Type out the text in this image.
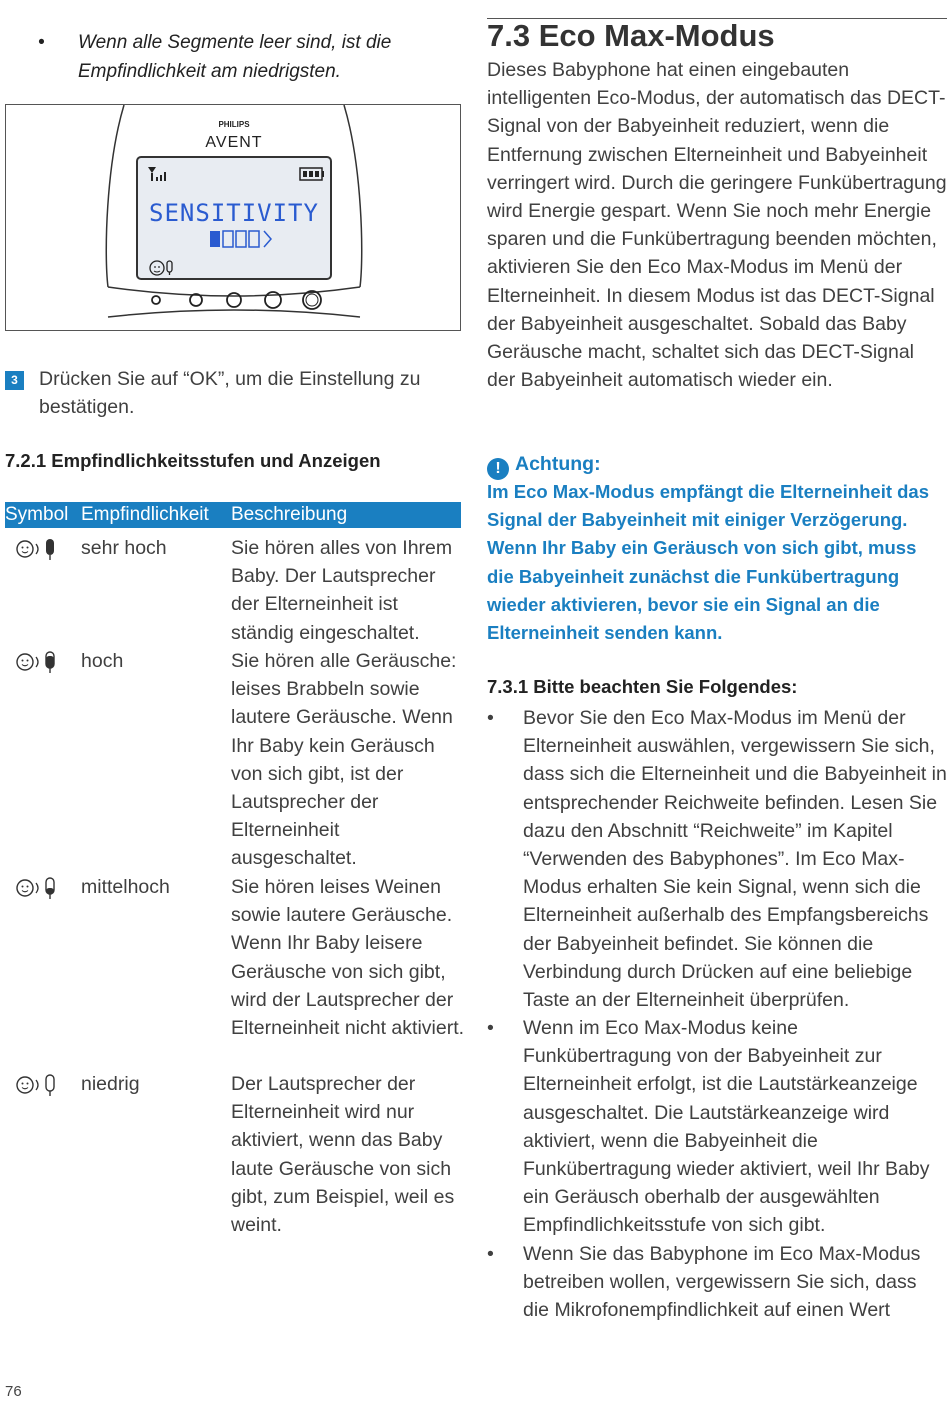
• Wenn alle Segmente leer sind, ist die Empfindlichkeit am niedrigsten.
PHILIPS
AVENT
SENSITIVITY
3	Drücken Sie auf “OK”, um die Einstellung zu bestätigen.
7.2.1 Empfindlichkeitsstufen und Anzeigen
Symbol Empfindlichkeit Beschreibung
sehr hoch	Sie hören alles von Ihrem Baby. Der Lautsprecher der Elterneinheit ist ständig eingeschaltet.
hoch	Sie hören alle Geräusche: leises Brabbeln sowie lautere Geräusche. Wenn Ihr Baby kein Geräusch von sich gibt, ist der Lautsprecher der Elterneinheit ausgeschaltet.
mittelhoch	Sie hören leises Weinen sowie lautere Geräusche. Wenn Ihr Baby leisere Geräusche von sich gibt, wird der Lautsprecher der Elterneinheit nicht aktiviert.
niedrig	Der Lautsprecher der Elterneinheit wird nur aktiviert, wenn das Baby laute Geräusche von sich gibt, zum Beispiel, weil es weint.
76
7.3 Eco Max-Modus
Dieses Babyphone hat einen eingebauten intelligenten Eco-Modus, der automatisch das DECT-Signal von der Babyeinheit reduziert, wenn die Entfernung zwischen Elterneinheit und Babyeinheit verringert wird. Durch die geringere Funkübertragung wird Energie gespart. Wenn Sie noch mehr Energie sparen und die Funkübertragung beenden möchten, aktivieren Sie den Eco Max-Modus im Menü der Elterneinheit. In diesem Modus ist das DECT-Signal der Babyeinheit ausgeschaltet. Sobald das Baby Geräusche macht, schaltet sich das DECT-Signal der Babyeinheit automatisch wieder ein.
! Achtung:
Im Eco Max-Modus empfängt die Elterneinheit das Signal der Babyeinheit mit einiger Verzögerung. Wenn Ihr Baby ein Geräusch von sich gibt, muss die Babyeinheit zunächst die Funkübertragung wieder aktivieren, bevor sie ein Signal an die Elterneinheit senden kann.
7.3.1 Bitte beachten Sie Folgendes:
• Bevor Sie den Eco Max-Modus im Menü der Elterneinheit auswählen, vergewissern Sie sich, dass sich die Elterneinheit und die Babyeinheit in entsprechender Reichweite befinden. Lesen Sie dazu den Abschnitt “Reichweite” im Kapitel “Verwenden des Babyphones”. Im Eco Max-Modus erhalten Sie kein Signal, wenn sich die Elterneinheit außerhalb des Empfangsbereichs der Babyeinheit befindet. Sie können die Verbindung durch Drücken auf eine beliebige Taste an der Elterneinheit überprüfen.
• Wenn im Eco Max-Modus keine Funkübertragung von der Babyeinheit zur Elterneinheit erfolgt, ist die Lautstärkeanzeige ausgeschaltet. Die Lautstärkeanzeige wird aktiviert, wenn die Babyeinheit die Funkübertragung wieder aktiviert, weil Ihr Baby ein Geräusch oberhalb der ausgewählten Empfindlichkeitsstufe von sich gibt.
• Wenn Sie das Babyphone im Eco Max-Modus betreiben wollen, vergewissern Sie sich, dass die Mikrofonempfindlichkeit auf einen Wert
